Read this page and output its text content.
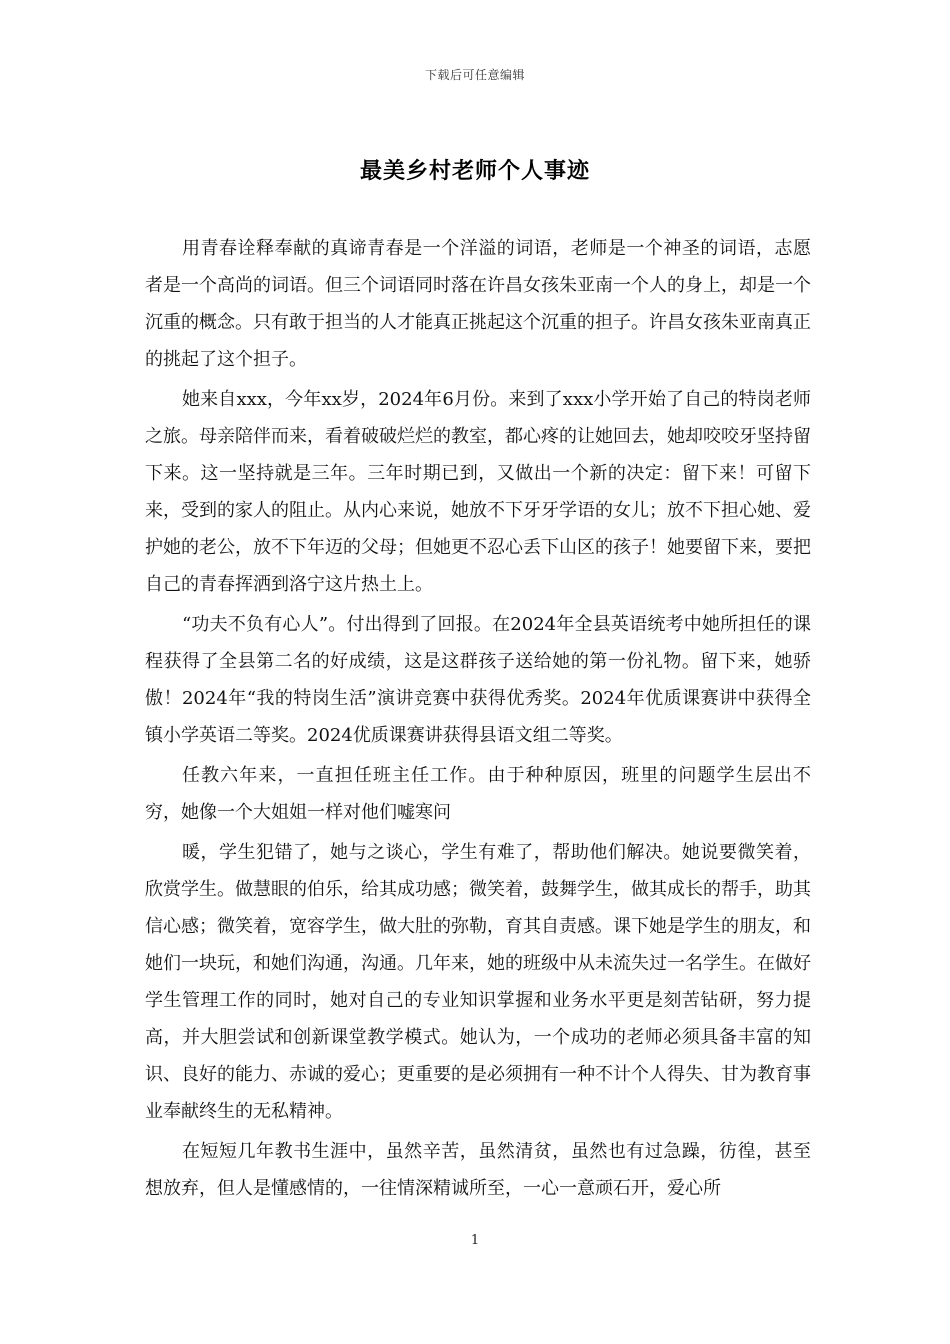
下载后可任意编辑
最美乡村老师个人事迹

用青春诠释奉献的真谛青春是一个洋溢的词语，老师是一个神圣的词语，志愿者是一个高尚的词语。但三个词语同时落在许昌女孩朱亚南一个人的身上，却是一个沉重的概念。只有敢于担当的人才能真正挑起这个沉重的担子。许昌女孩朱亚南真正的挑起了这个担子。

她来自xxx，今年xx岁，2024年6月份。来到了xxx小学开始了自己的特岗老师之旅。母亲陪伴而来，看着破破烂烂的教室，都心疼的让她回去，她却咬咬牙坚持留下来。这一坚持就是三年。三年时期已到，又做出一个新的决定：留下来！可留下来，受到的家人的阻止。从内心来说，她放不下牙牙学语的女儿；放不下担心她、爱护她的老公，放不下年迈的父母；但她更不忍心丢下山区的孩子！她要留下来，要把自己的青春挥洒到洛宁这片热土上。

“功夫不负有心人”。付出得到了回报。在2024年全县英语统考中她所担任的课程获得了全县第二名的好成绩，这是这群孩子送给她的第一份礼物。留下来，她骄傲！2024年“我的特岗生活”演讲竞赛中获得优秀奖。2024年优质课赛讲中获得全镇小学英语二等奖。2024优质课赛讲获得县语文组二等奖。

任教六年来，一直担任班主任工作。由于种种原因，班里的问题学生层出不穷，她像一个大姐姐一样对他们嘘寒问

暖，学生犯错了，她与之谈心，学生有难了，帮助他们解决。她说要微笑着，欣赏学生。做慧眼的伯乐，给其成功感；微笑着，鼓舞学生，做其成长的帮手，助其信心感；微笑着，宽容学生，做大肚的弥勒，育其自责感。课下她是学生的朋友，和她们一块玩，和她们沟通，沟通。几年来，她的班级中从未流失过一名学生。在做好学生管理工作的同时，她对自己的专业知识掌握和业务水平更是刻苦钻研，努力提高，并大胆尝试和创新课堂教学模式。她认为，一个成功的老师必须具备丰富的知识、良好的能力、赤诚的爱心；更重要的是必须拥有一种不计个人得失、甘为教育事业奉献终生的无私精神。

在短短几年教书生涯中，虽然辛苦，虽然清贫，虽然也有过急躁，彷徨，甚至想放弃，但人是懂感情的，一往情深精诚所至，一心一意顽石开，爱心所

1
